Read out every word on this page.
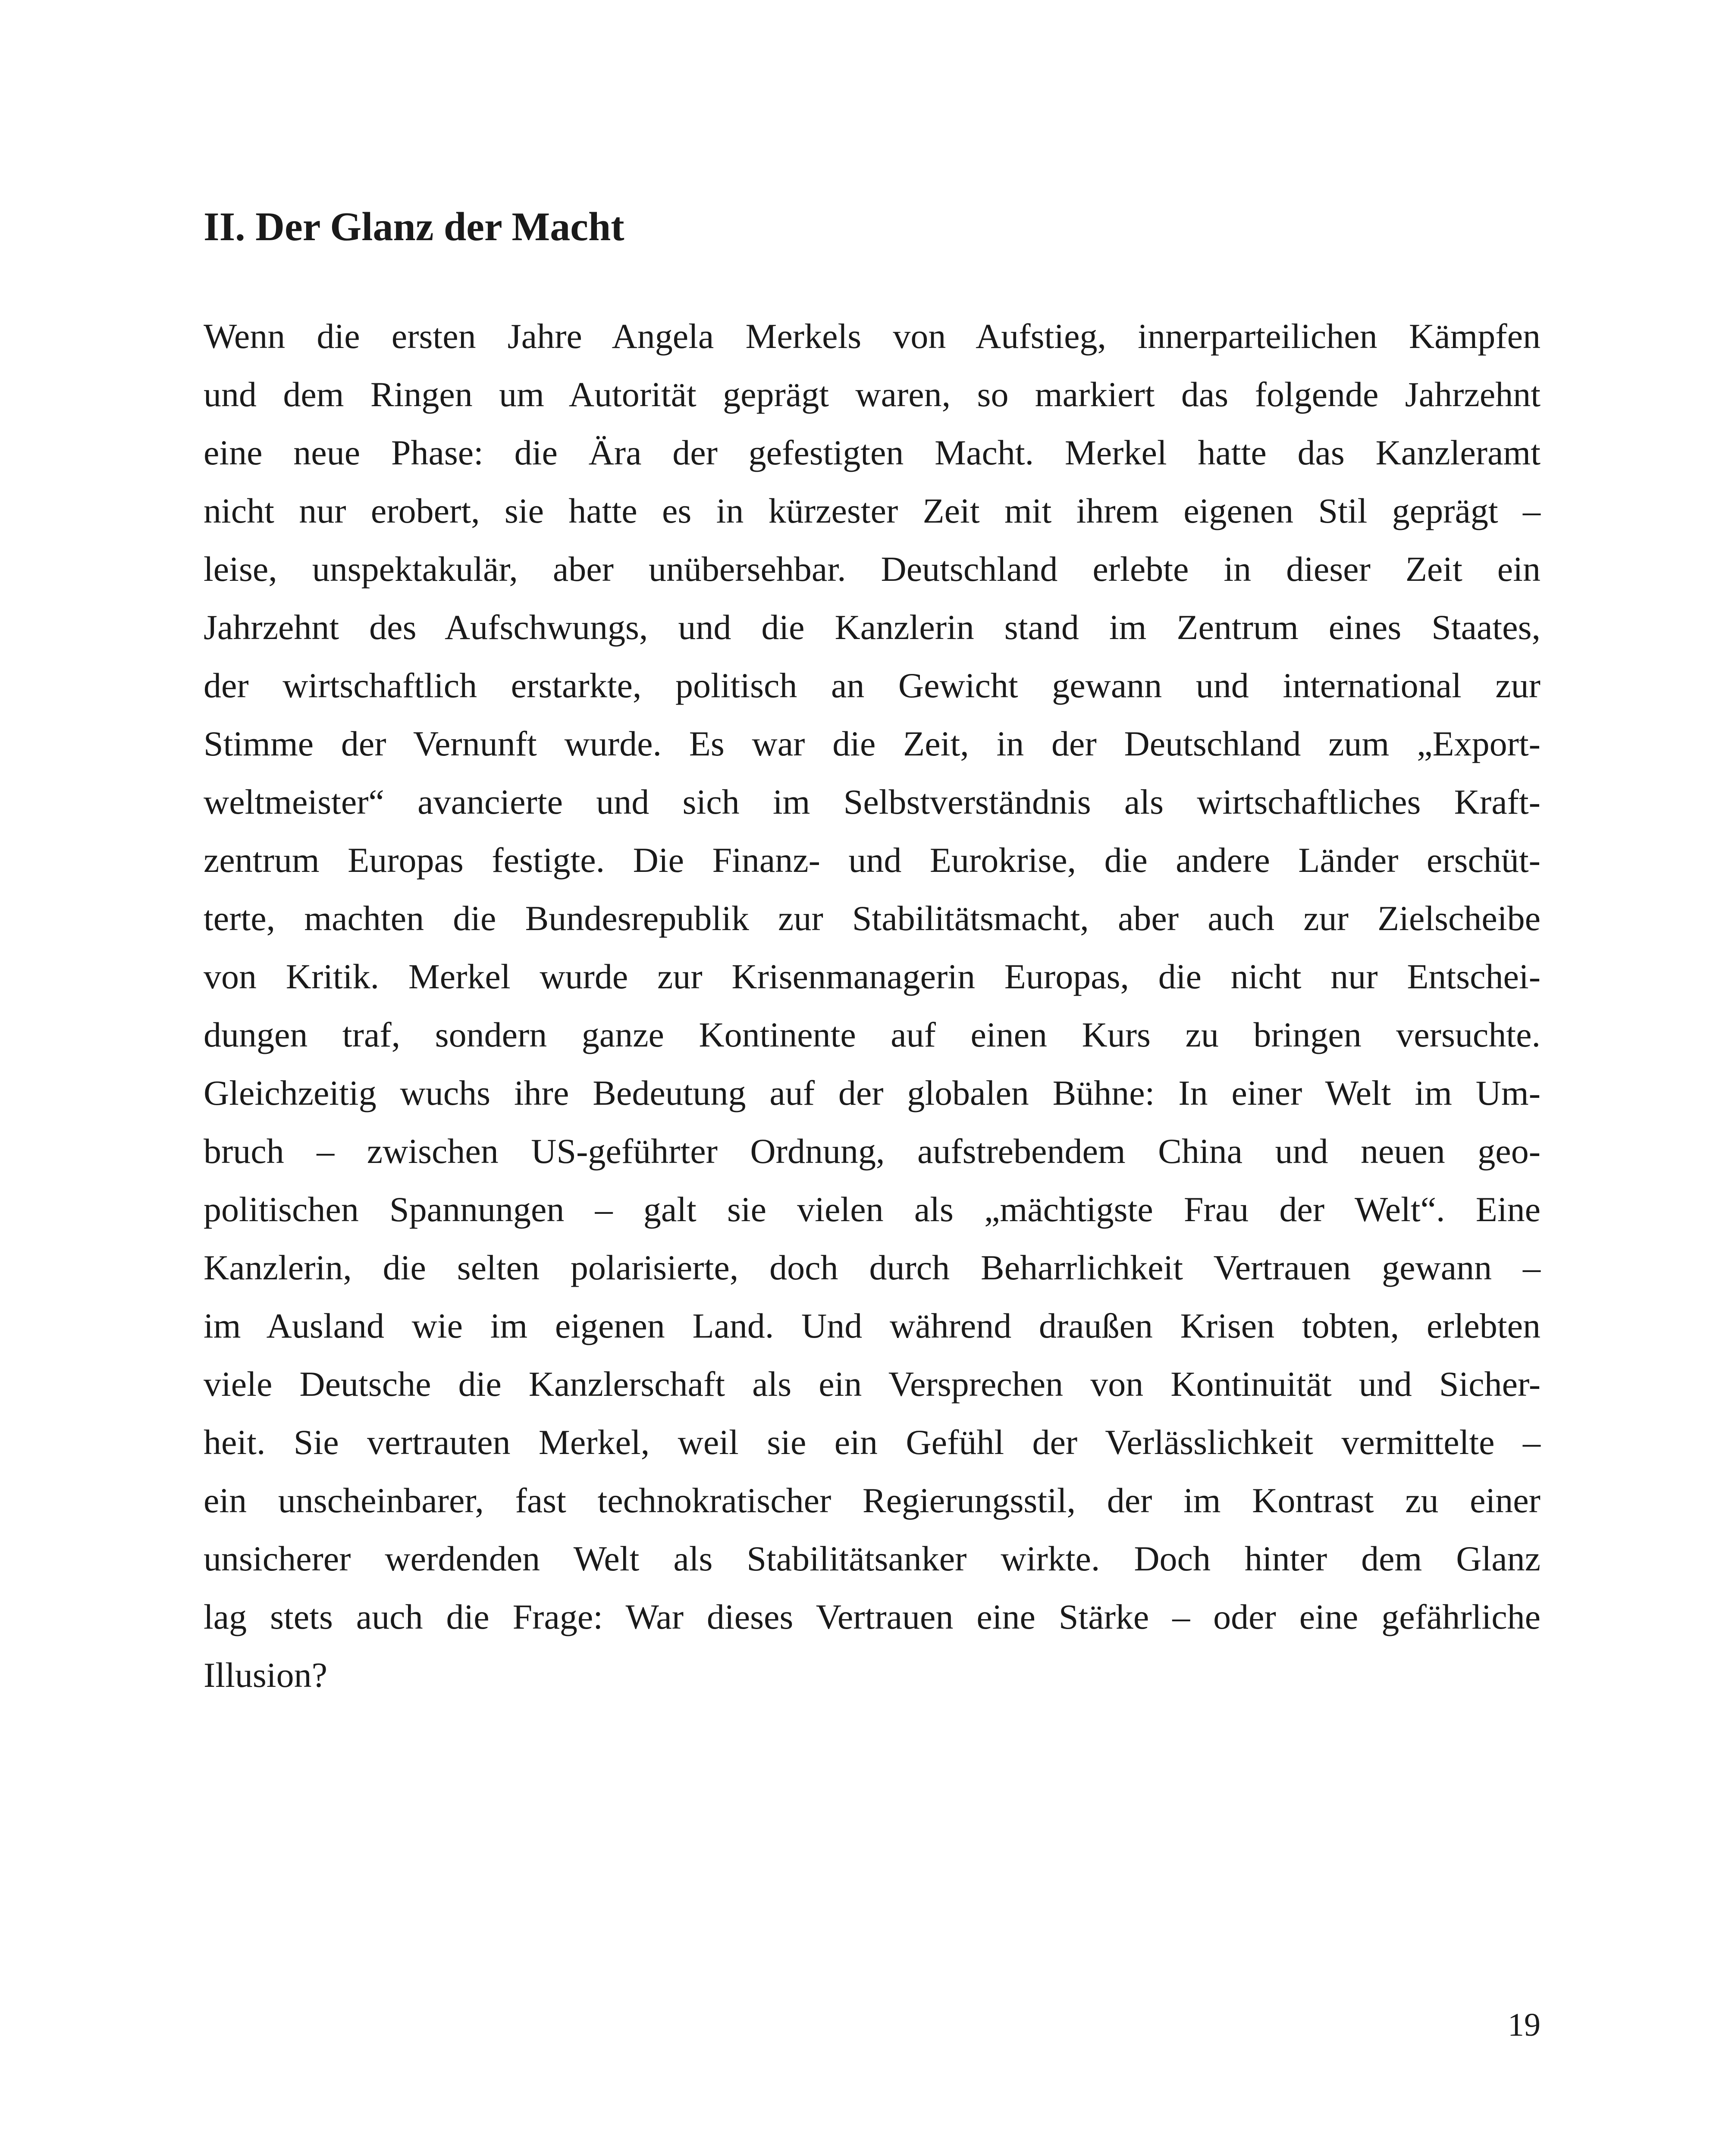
II. Der Glanz der Macht
Wenn die ersten Jahre Angela Merkels von Aufstieg, innerparteilichen Kämpfen
und dem Ringen um Autorität geprägt waren, so markiert das folgende Jahrzehnt
eine neue Phase: die Ära der gefestigten Macht. Merkel hatte das Kanzleramt
nicht nur erobert, sie hatte es in kürzester Zeit mit ihrem eigenen Stil geprägt –
leise, unspektakulär, aber unübersehbar. Deutschland erlebte in dieser Zeit ein
Jahrzehnt des Aufschwungs, und die Kanzlerin stand im Zentrum eines Staates,
der wirtschaftlich erstarkte, politisch an Gewicht gewann und international zur
Stimme der Vernunft wurde. Es war die Zeit, in der Deutschland zum „Export-
weltmeister“ avancierte und sich im Selbstverständnis als wirtschaftliches Kraft-
zentrum Europas festigte. Die Finanz- und Eurokrise, die andere Länder erschüt-
terte, machten die Bundesrepublik zur Stabilitätsmacht, aber auch zur Zielscheibe
von Kritik. Merkel wurde zur Krisenmanagerin Europas, die nicht nur Entschei-
dungen traf, sondern ganze Kontinente auf einen Kurs zu bringen versuchte.
Gleichzeitig wuchs ihre Bedeutung auf der globalen Bühne: In einer Welt im Um-
bruch – zwischen US-geführter Ordnung, aufstrebendem China und neuen geo-
politischen Spannungen – galt sie vielen als „mächtigste Frau der Welt“. Eine
Kanzlerin, die selten polarisierte, doch durch Beharrlichkeit Vertrauen gewann –
im Ausland wie im eigenen Land. Und während draußen Krisen tobten, erlebten
viele Deutsche die Kanzlerschaft als ein Versprechen von Kontinuität und Sicher-
heit. Sie vertrauten Merkel, weil sie ein Gefühl der Verlässlichkeit vermittelte –
ein unscheinbarer, fast technokratischer Regierungsstil, der im Kontrast zu einer
unsicherer werdenden Welt als Stabilitätsanker wirkte. Doch hinter dem Glanz
lag stets auch die Frage: War dieses Vertrauen eine Stärke – oder eine gefährliche
Illusion?

19
